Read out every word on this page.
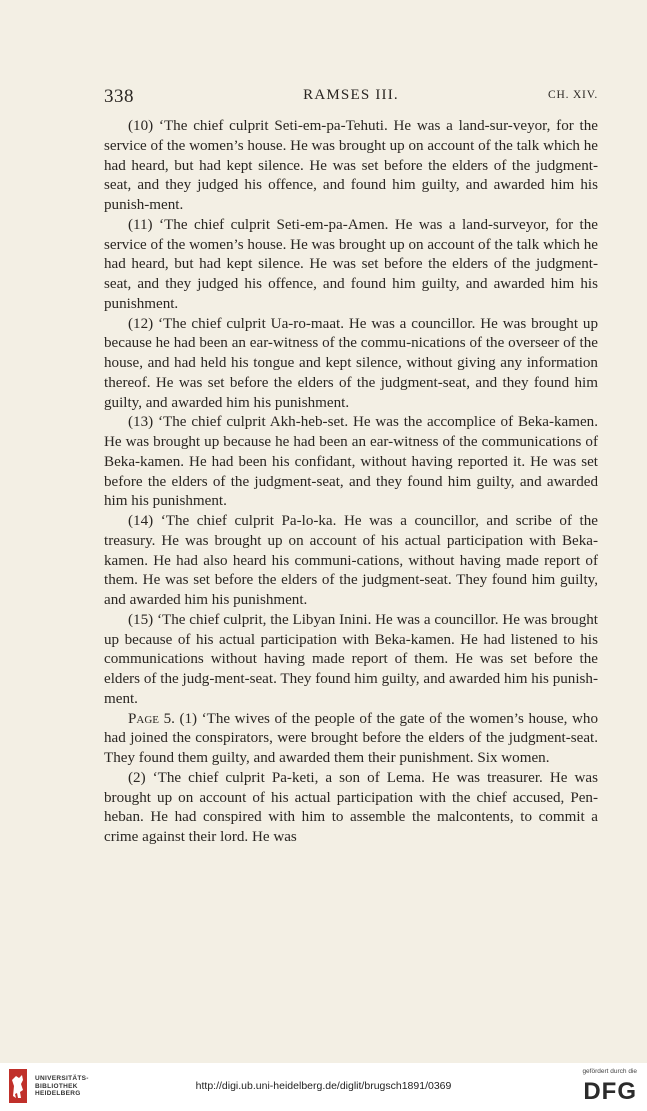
338	RAMSES III.	CH. XIV.

(10) ‘The chief culprit Seti-em-pa-Tehuti. He was a land-sur-veyor, for the service of the women’s house. He was brought up on account of the talk which he had heard, but had kept silence. He was set before the elders of the judgment-seat, and they judged his offence, and found him guilty, and awarded him his punish-ment.

(11) ‘The chief culprit Seti-em-pa-Amen. He was a land-surveyor, for the service of the women’s house. He was brought up on account of the talk which he had heard, but had kept silence. He was set before the elders of the judgment-seat, and they judged his offence, and found him guilty, and awarded him his punishment.

(12) ‘The chief culprit Ua-ro-maat. He was a councillor. He was brought up because he had been an ear-witness of the commu-nications of the overseer of the house, and had held his tongue and kept silence, without giving any information thereof. He was set before the elders of the judgment-seat, and they found him guilty, and awarded him his punishment.

(13) ‘The chief culprit Akh-heb-set. He was the accomplice of Beka-kamen. He was brought up because he had been an ear-witness of the communications of Beka-kamen. He had been his confidant, without having reported it. He was set before the elders of the judgment-seat, and they found him guilty, and awarded him his punishment.

(14) ‘The chief culprit Pa-lo-ka. He was a councillor, and scribe of the treasury. He was brought up on account of his actual participation with Beka-kamen. He had also heard his communi-cations, without having made report of them. He was set before the elders of the judgment-seat. They found him guilty, and awarded him his punishment.

(15) ‘The chief culprit, the Libyan Inini. He was a councillor. He was brought up because of his actual participation with Beka-kamen. He had listened to his communications without having made report of them. He was set before the elders of the judg-ment-seat. They found him guilty, and awarded him his punish-ment.

Page 5. (1) ‘The wives of the people of the gate of the women’s house, who had joined the conspirators, were brought before the elders of the judgment-seat. They found them guilty, and awarded them their punishment. Six women.

(2) ‘The chief culprit Pa-keti, a son of Lema. He was treasurer. He was brought up on account of his actual participation with the chief accused, Pen-heban. He had conspired with him to assemble the malcontents, to commit a crime against their lord. He was

UNIVERSITÄTS-
BIBLIOTHEK
HEIDELBERG
http://digi.ub.uni-heidelberg.de/diglit/brugsch1891/0369
gefördert durch die
DFG
